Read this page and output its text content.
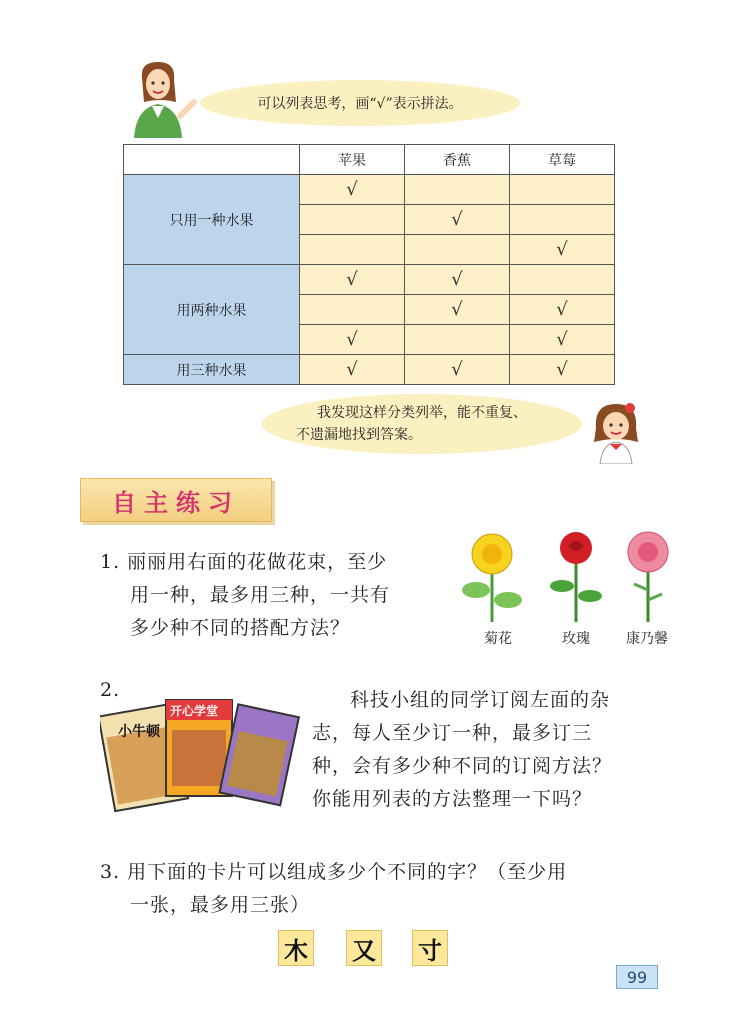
可以列表思考，画“√”表示拼法。
	苹果	香蕉	草莓
只用一种水果	√		
		√	
			√
用两种水果	√	√	
		√	√
	√		√
用三种水果	√	√	√
我发现这样分类列举，能不重复、
不遗漏地找到答案。
自主练习
1. 丽丽用右面的花做花束，至少
用一种，最多用三种，一共有
多少种不同的搭配方法？	菊花	玫瑰	康乃馨
2.
小牛顿
开心学堂	科技小组的同学订阅左面的杂
志，每人至少订一种，最多订三
种，会有多少种不同的订阅方法？
你能用列表的方法整理一下吗？
3. 用下面的卡片可以组成多少个不同的字？（至少用
一张，最多用三张）
木 又 寸
99
